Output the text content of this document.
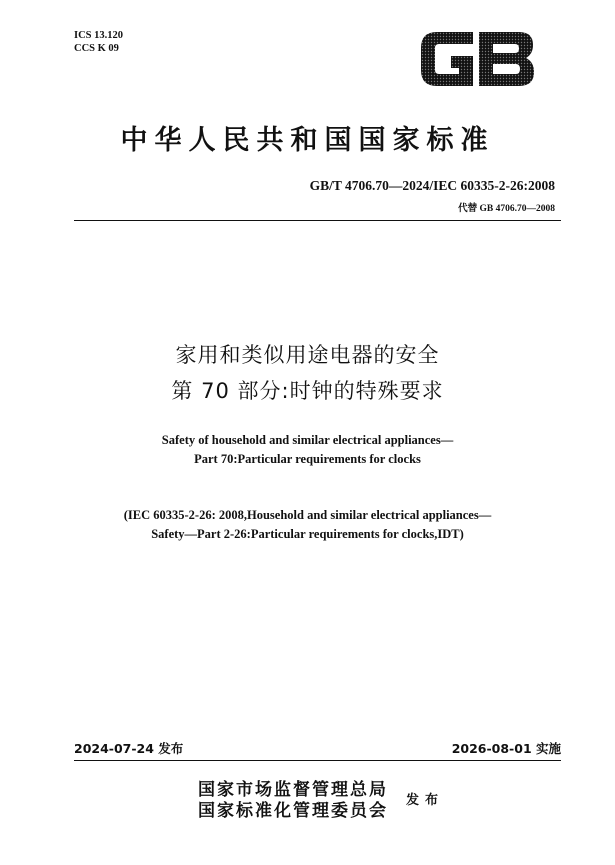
ICS 13.120
CCS K 09
中华人民共和国国家标准
GB/T 4706.70—2024/IEC 60335-2-26:2008
代替 GB 4706.70—2008
家用和类似用途电器的安全
第 70 部分:时钟的特殊要求
Safety of household and similar electrical appliances—
Part 70:Particular requirements for clocks
(IEC 60335-2-26: 2008,Household and similar electrical appliances—
Safety—Part 2-26:Particular requirements for clocks,IDT)
2024-07-24 发布	2026-08-01 实施
国家市场监督管理总局
国家标准化管理委员会
发布
